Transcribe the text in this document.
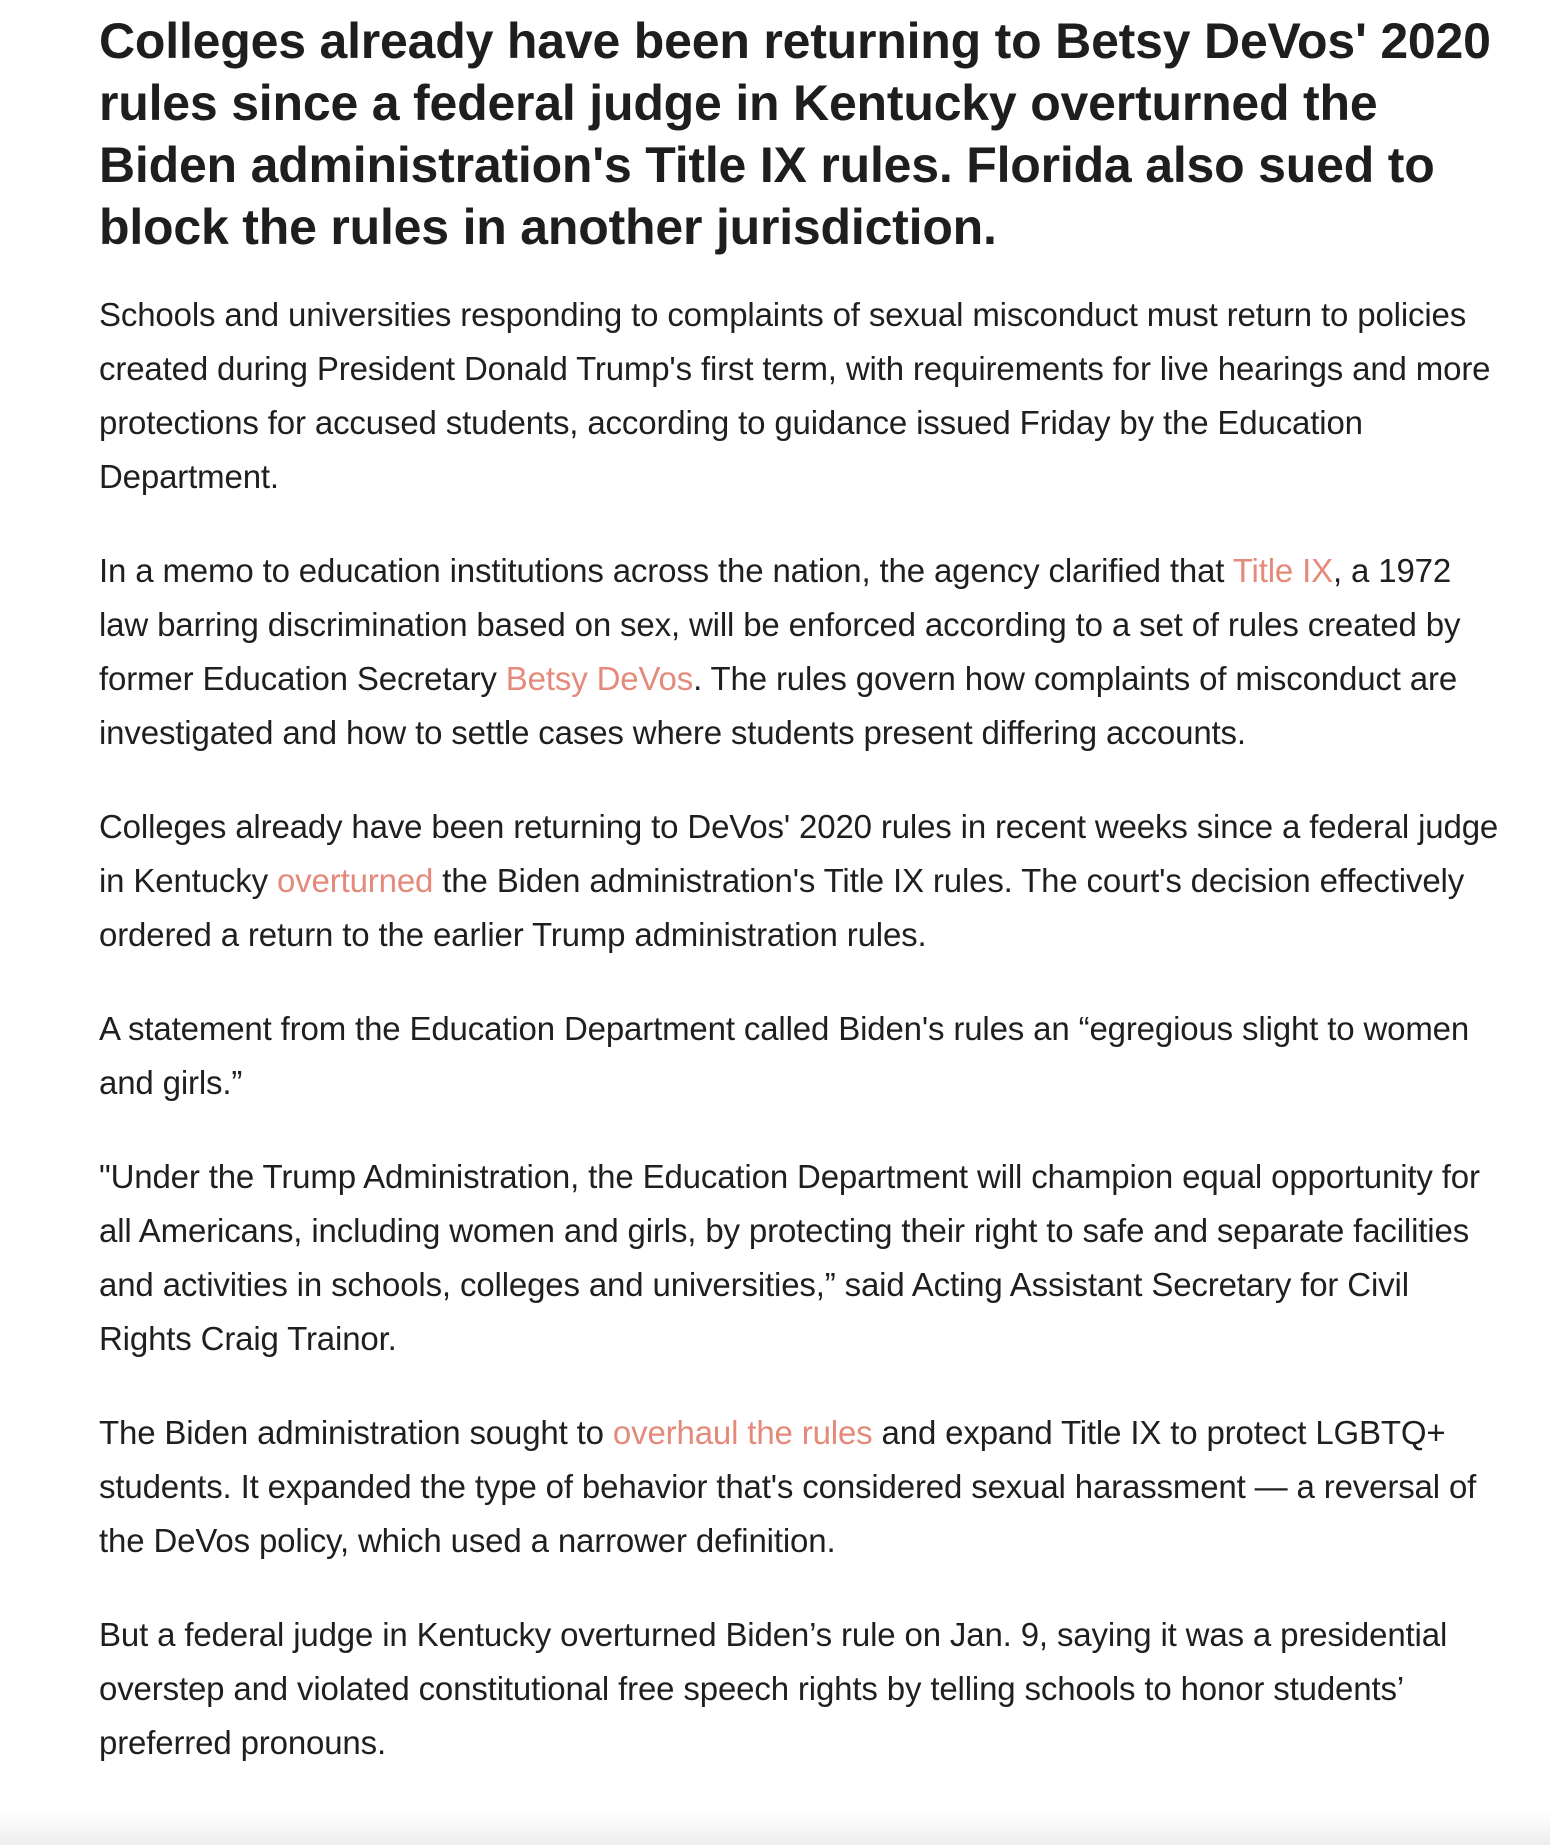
Colleges already have been returning to Betsy DeVos' 2020 rules since a federal judge in Kentucky overturned the Biden administration's Title IX rules. Florida also sued to block the rules in another jurisdiction.

Schools and universities responding to complaints of sexual misconduct must return to policies created during President Donald Trump's first term, with requirements for live hearings and more protections for accused students, according to guidance issued Friday by the Education Department.

In a memo to education institutions across the nation, the agency clarified that Title IX, a 1972 law barring discrimination based on sex, will be enforced according to a set of rules created by former Education Secretary Betsy DeVos. The rules govern how complaints of misconduct are investigated and how to settle cases where students present differing accounts.

Colleges already have been returning to DeVos' 2020 rules in recent weeks since a federal judge in Kentucky overturned the Biden administration's Title IX rules. The court's decision effectively ordered a return to the earlier Trump administration rules.

A statement from the Education Department called Biden's rules an “egregious slight to women and girls.”

"Under the Trump Administration, the Education Department will champion equal opportunity for all Americans, including women and girls, by protecting their right to safe and separate facilities and activities in schools, colleges and universities,” said Acting Assistant Secretary for Civil Rights Craig Trainor.

The Biden administration sought to overhaul the rules and expand Title IX to protect LGBTQ+ students. It expanded the type of behavior that's considered sexual harassment — a reversal of the DeVos policy, which used a narrower definition.

But a federal judge in Kentucky overturned Biden’s rule on Jan. 9, saying it was a presidential overstep and violated constitutional free speech rights by telling schools to honor students’ preferred pronouns.
